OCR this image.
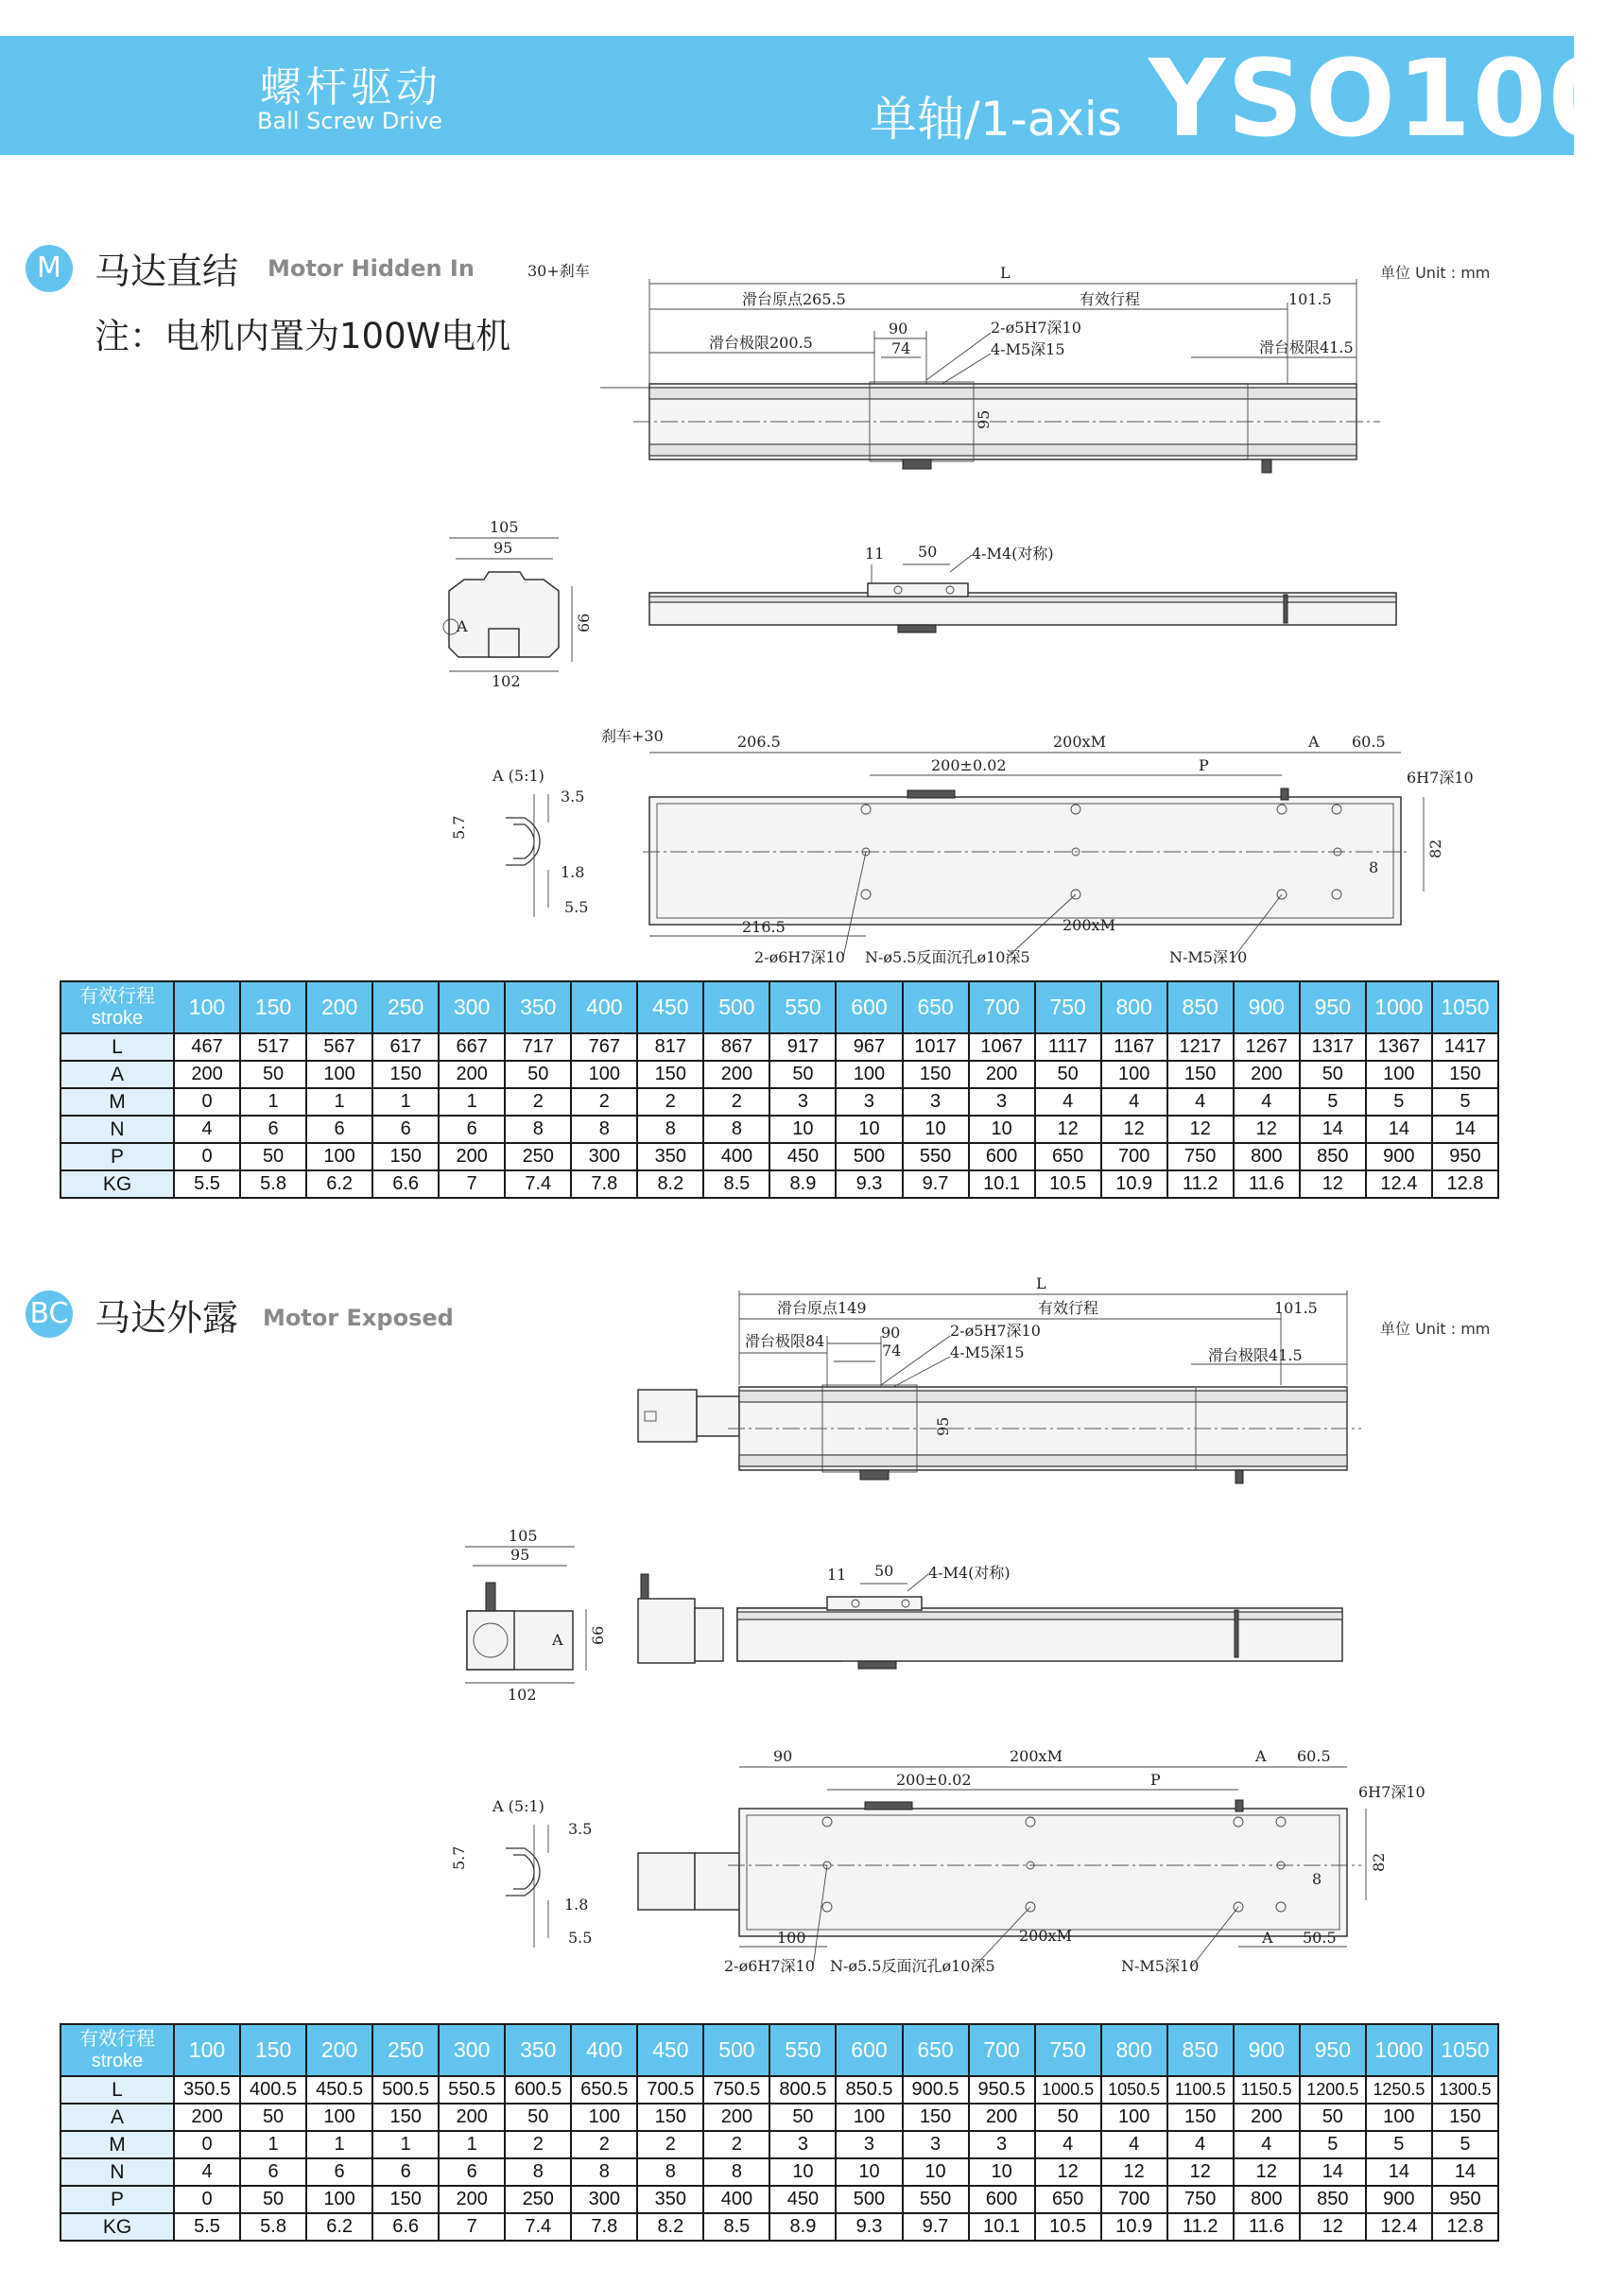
螺杆驱动
Ball Screw Drive	单轴/1-axis YSO100
M 马达直结 Motor Hidden In
注：电机内置为100W电机
单位 Unit : mm
L
30+刹车
滑台原点265.5	有效行程	101.5
滑台极限200.5
90
74
2-ø5H7深10
4-M5深15	滑台极限41.5
95
105
95
A
102
66
11 50 4-M4(对称)
刹车+30	206.5	200xM	A 60.5
200±0.02	P
6H7深10
82
8
216.5	200xM
2-ø6H7深10 N-ø5.5反面沉孔ø10深5	N-M5深10
A (5:1)
3.5
5.7
1.8
5.5
有效行程
stroke	100	150	200	250	300	350	400	450	500	550	600	650	700	750	800	850	900	950	1000	1050
L	467	517	567	617	667	717	767	817	867	917	967	1017	1067	1117	1167	1217	1267	1317	1367	1417
A	200	50	100	150	200	50	100	150	200	50	100	150	200	50	100	150	200	50	100	150
M	0	1	1	1	1	2	2	2	2	3	3	3	3	4	4	4	4	5	5	5
N	4	6	6	6	6	8	8	8	8	10	10	10	10	12	12	12	12	14	14	14
P	0	50	100	150	200	250	300	350	400	450	500	550	600	650	700	750	800	850	900	950
KG	5.5	5.8	6.2	6.6	7	7.4	7.8	8.2	8.5	8.9	9.3	9.7	10.1	10.5	10.9	11.2	11.6	12	12.4	12.8
BC 马达外露 Motor Exposed	单位 Unit : mm
L
滑台原点149	有效行程	101.5
滑台极限84	90
74
2-ø5H7深10
4-M5深15	滑台极限41.5
95
105
95
A
102
66
11 50 4-M4(对称)
90	200xM	A 60.5
200±0.02	P
6H7深10
82
8
100	200xM	A 50.5
2-ø6H7深10 N-ø5.5反面沉孔ø10深5	N-M5深10
A (5:1)
3.5
5.7
1.8
5.5
有效行程
stroke	100	150	200	250	300	350	400	450	500	550	600	650	700	750	800	850	900	950	1000	1050
L	350.5	400.5	450.5	500.5	550.5	600.5	650.5	700.5	750.5	800.5	850.5	900.5	950.5	1000.5	1050.5	1100.5	1150.5	1200.5	1250.5	1300.5
A	200	50	100	150	200	50	100	150	200	50	100	150	200	50	100	150	200	50	100	150
M	0	1	1	1	1	2	2	2	2	3	3	3	3	4	4	4	4	5	5	5
N	4	6	6	6	6	8	8	8	8	10	10	10	10	12	12	12	12	14	14	14
P	0	50	100	150	200	250	300	350	400	450	500	550	600	650	700	750	800	850	900	950
KG	5.5	5.8	6.2	6.6	7	7.4	7.8	8.2	8.5	8.9	9.3	9.7	10.1	10.5	10.9	11.2	11.6	12	12.4	12.8
